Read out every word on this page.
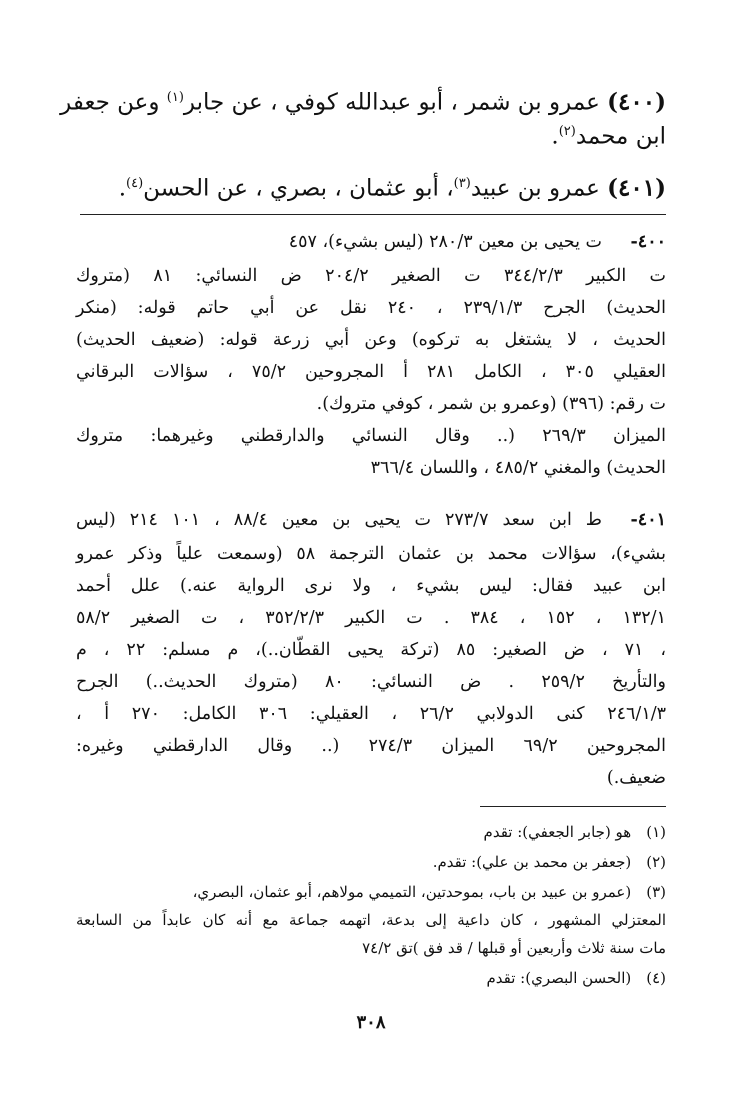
(٤٠٠) عمرو بن شمر ، أبو عبدالله كوفي ، عن جابر$^{(١)}$ وعن جعفر
ابن محمد$^{(٢)}$.
(٤٠١) عمرو بن عبيد$^{(٣)}$، أبو عثمان ، بصري ، عن الحسن$^{(٤)}$.
٤٠٠-
ت يحيى بن معين ٢٨٠/٣ (ليس بشيء)، ٤٥٧
ت الكبير ٣٤٤/٢/٣ ت الصغير ٢٠٤/٢ ض النسائي: ٨١ (متروك
الحديث) الجرح ٢٣٩/١/٣ ، ٢٤٠ نقل عن أبي حاتم قوله: (منكر
الحديث ، لا يشتغل به تركوه) وعن أبي زرعة قوله: (ضعيف الحديث)
العقيلي ٣٠٥ ، الكامل ٢٨١ أ المجروحين ٧٥/٢ ، سؤالات البرقاني
ت رقم: (٣٩٦) (وعمرو بن شمر ، كوفي متروك).
الميزان ٢٦٩/٣ (.. وقال النسائي والدارقطني وغيرهما: متروك
الحديث) والمغني ٤٨٥/٢ ، واللسان ٣٦٦/٤
٤٠١-
ط ابن سعد ٢٧٣/٧ ت يحيى بن معين ٨٨/٤ ، ١٠١ ٢١٤ (ليس
بشيء)، سؤالات محمد بن عثمان الترجمة ٥٨ (وسمعت علياً وذكر عمرو
ابن عبيد فقال: ليس بشيء ، ولا نرى الرواية عنه.) علل أحمد
١٣٢/١ ، ١٥٢ ، ٣٨٤ . ت الكبير ٣٥٢/٢/٣ ، ت الصغير ٥٨/٢
، ٧١ ، ض الصغير: ٨٥ (تركة يحيى القطّان..)، م مسلم: ٢٢ ، م
والتأريخ ٢٥٩/٢ . ض النسائي: ٨٠ (متروك الحديث..) الجرح
٢٤٦/١/٣ كنى الدولابي ٢٦/٢ ، العقيلي: ٣٠٦ الكامل: ٢٧٠ أ ،
المجروحين ٦٩/٢ الميزان ٢٧٤/٣ (.. وقال الدارقطني وغيره:
ضعيف.)
(١) هو (جابر الجعفي): تقدم
(٢) (جعفر بن محمد بن علي): تقدم.
(٣) (عمرو بن عبيد بن باب، بموحدتين، التميمي مولاهم، أبو عثمان، البصري،
المعتزلي المشهور ، كان داعية إلى بدعة، اتهمه جماعة مع أنه كان عابداً من السابعة
مات سنة ثلاث وأربعين أو قبلها / قد فق )تق ٧٤/٢
(٤) (الحسن البصري): تقدم
٣٠٨
